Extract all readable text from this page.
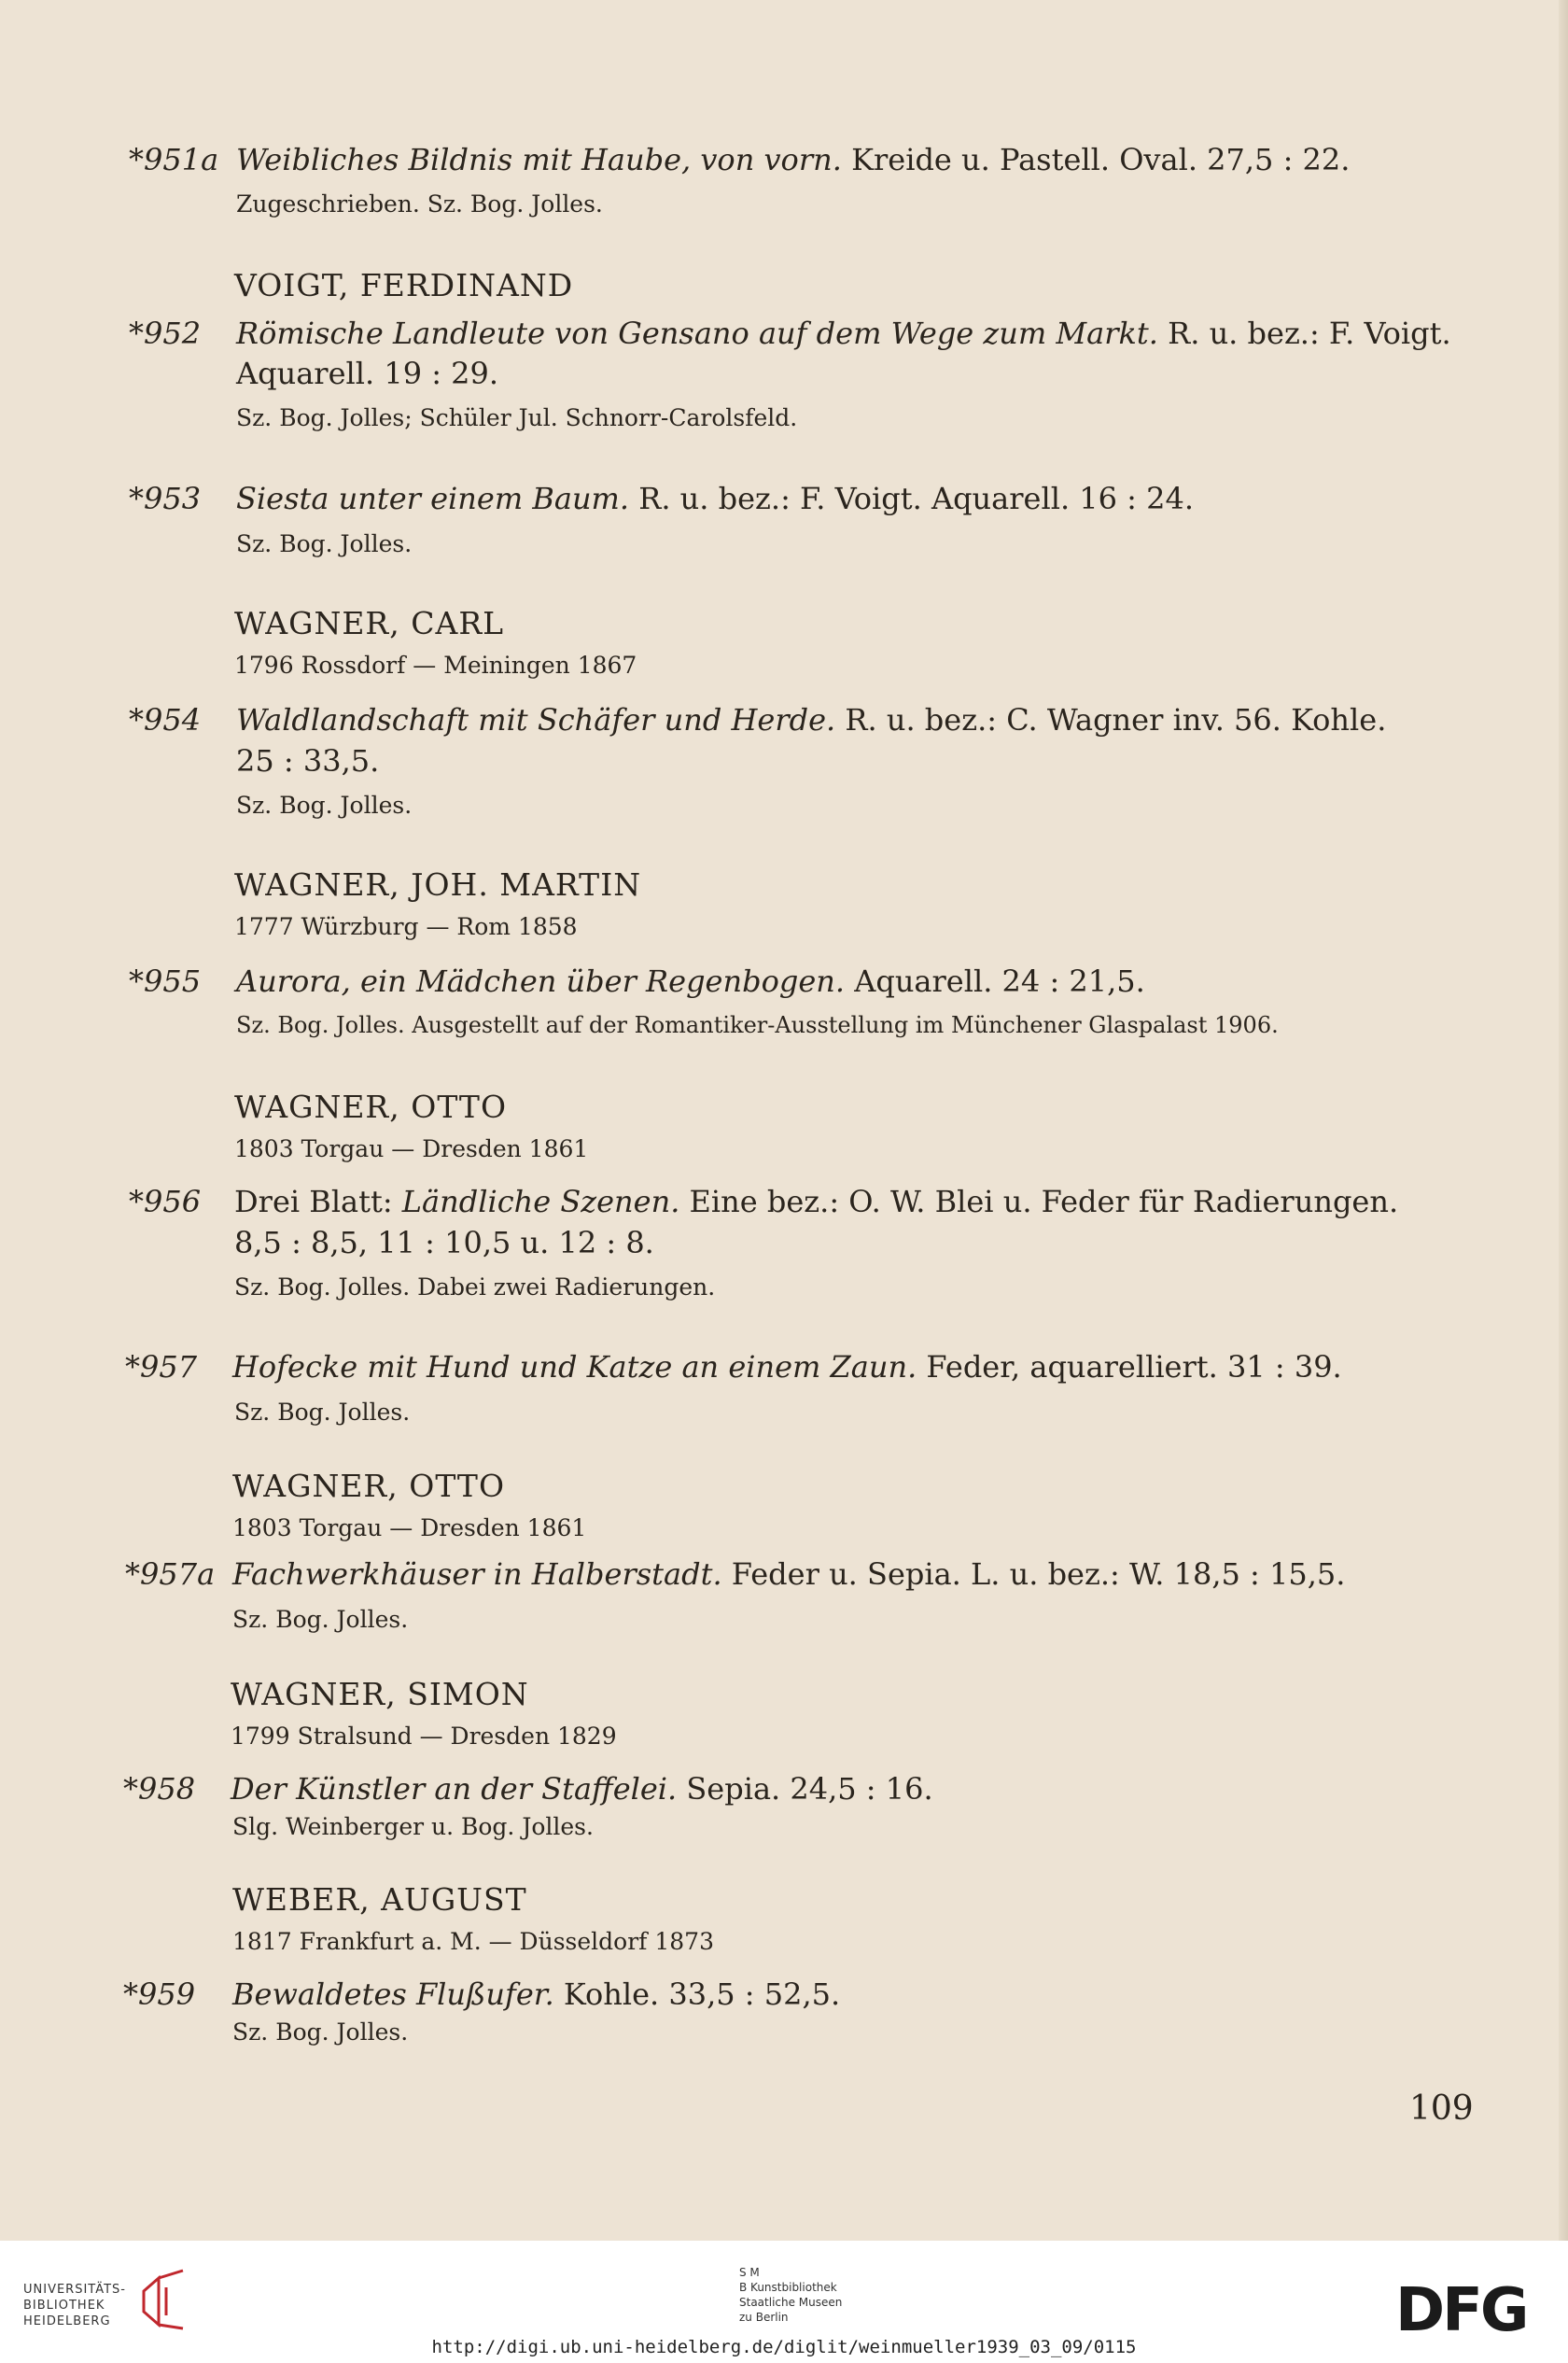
*951a Weibliches Bildnis mit Haube, von vorn. Kreide u. Pastell. Oval. 27,5 : 22.
Zugeschrieben. Sz. Bog. Jolles.
VOIGT, FERDINAND
*952 Römische Landleute von Gensano auf dem Wege zum Markt. R. u. bez.: F. Voigt.
Aquarell. 19 : 29.
Sz. Bog. Jolles; Schüler Jul. Schnorr-Carolsfeld.
*953 Siesta unter einem Baum. R. u. bez.: F. Voigt. Aquarell. 16 : 24.
Sz. Bog. Jolles.
WAGNER, CARL
1796 Rossdorf — Meiningen 1867
*954 Waldlandschaft mit Schäfer und Herde. R. u. bez.: C. Wagner inv. 56. Kohle.
25 : 33,5.
Sz. Bog. Jolles.
WAGNER, JOH. MARTIN
1777 Würzburg — Rom 1858
*955 Aurora, ein Mädchen über Regenbogen. Aquarell. 24 : 21,5.
Sz. Bog. Jolles. Ausgestellt auf der Romantiker-Ausstellung im Münchener Glaspalast 1906.
WAGNER, OTTO
1803 Torgau — Dresden 1861
*956 Drei Blatt: Ländliche Szenen. Eine bez.: O. W. Blei u. Feder für Radierungen.
8,5 : 8,5, 11 : 10,5 u. 12 : 8.
Sz. Bog. Jolles. Dabei zwei Radierungen.
*957 Hofecke mit Hund und Katze an einem Zaun. Feder, aquarelliert. 31 : 39.
Sz. Bog. Jolles.
WAGNER, OTTO
1803 Torgau — Dresden 1861
*957a Fachwerkhäuser in Halberstadt. Feder u. Sepia. L. u. bez.: W. 18,5 : 15,5.
Sz. Bog. Jolles.
WAGNER, SIMON
1799 Stralsund — Dresden 1829
*958 Der Künstler an der Staffelei. Sepia. 24,5 : 16.
Slg. Weinberger u. Bog. Jolles.
WEBER, AUGUST
1817 Frankfurt a. M. — Düsseldorf 1873
*959 Bewaldetes Flußufer. Kohle. 33,5 : 52,5.
Sz. Bog. Jolles.
109
UNIVERSITÄTS-
BIBLIOTHEK
HEIDELBERG
S M
B Kunstbibliothek
Staatliche Museen
zu Berlin	DFG
http://digi.ub.uni-heidelberg.de/diglit/weinmueller1939_03_09/0115
